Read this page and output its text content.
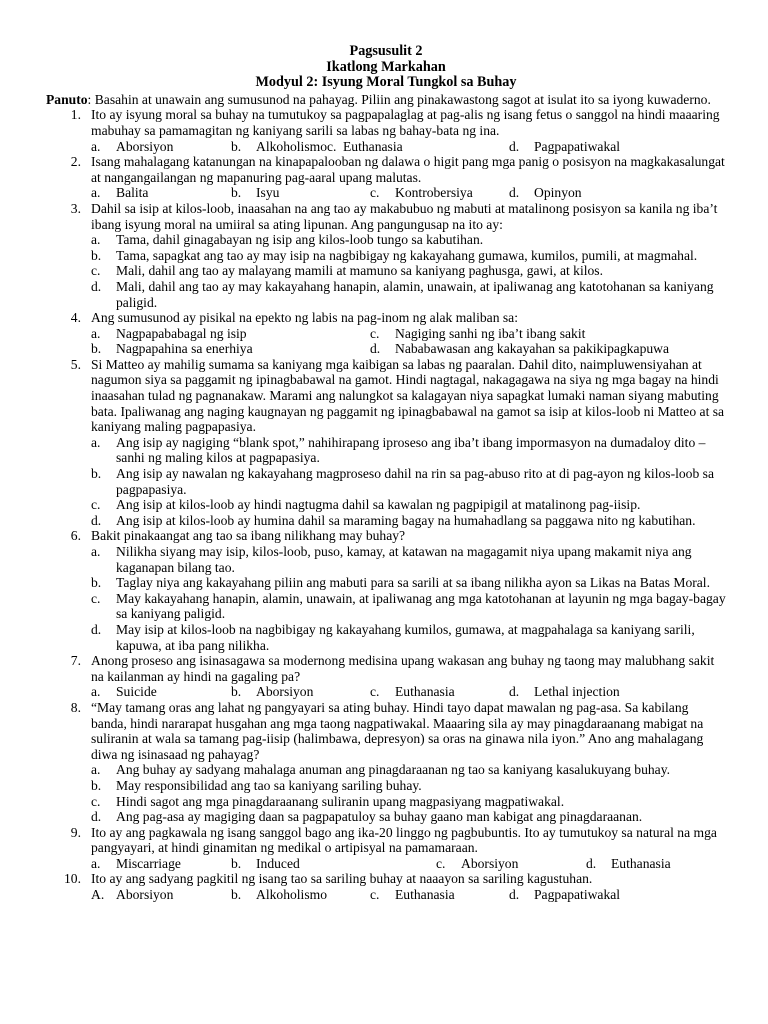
Pagsusulit 2
Ikatlong Markahan
Modyul 2: Isyung Moral Tungkol sa Buhay
Panuto: Basahin at unawain ang sumusunod na pahayag. Piliin ang pinakawastong sagot at isulat ito sa iyong kuwaderno.
1. Ito ay isyung moral sa buhay na tumutukoy sa pagpapalaglag at pag-alis ng isang fetus o sanggol na hindi maaaring mabuhay sa pamamagitan ng kaniyang sarili sa labas ng bahay-bata ng ina.
a.	Aborsiyon	b.	Alkoholismo c. Euthanasia	d.	Pagpapatiwakal
2. Isang mahalagang katanungan na kinapapalooban ng dalawa o higit pang mga panig o posisyon na magkakasalungat at nangangailangan ng mapanuring pag-aaral upang malutas.
a.	Balita	b.	Isyu	c.	Kontrobersiya	d.	Opinyon
3. Dahil sa isip at kilos-loob, inaasahan na ang tao ay makabubuo ng mabuti at matalinong posisyon sa kanila ng iba’t ibang isyung moral na umiiral sa ating lipunan. Ang pangungusap na ito ay:
a. Tama, dahil ginagabayan ng isip ang kilos-loob tungo sa kabutihan.
b. Tama, sapagkat ang tao ay may isip na nagbibigay ng kakayahang gumawa, kumilos, pumili, at magmahal.
c. Mali, dahil ang tao ay malayang mamili at mamuno sa kaniyang paghusga, gawi, at kilos.
d. Mali, dahil ang tao ay may kakayahang hanapin, alamin, unawain, at ipaliwanag ang katotohanan sa kaniyang paligid.
4. Ang sumusunod ay pisikal na epekto ng labis na pag-inom ng alak maliban sa:
a.	Nagpapababagal ng isip	c.	Nagiging sanhi ng iba’t ibang sakit
b.	Nagpapahina sa enerhiya	d.	Nababawasan ang kakayahan sa pakikipagkapuwa
5. Si Matteo ay mahilig sumama sa kaniyang mga kaibigan sa labas ng paaralan. Dahil dito, naimpluwensiyahan at nagumon siya sa paggamit ng ipinagbabawal na gamot. Hindi nagtagal, nakagagawa na siya ng mga bagay na hindi inaasahan tulad ng pagnanakaw. Marami ang nalungkot sa kalagayan niya sapagkat lumaki naman siyang mabuting bata. Ipaliwanag ang naging kaugnayan ng paggamit ng ipinagbabawal na gamot sa isip at kilos-loob ni Matteo at sa kaniyang maling pagpapasiya.
a. Ang isip ay nagiging “blank spot,” nahihirapang iproseso ang iba’t ibang impormasyon na dumadaloy dito – sanhi ng maling kilos at pagpapasiya.
b. Ang isip ay nawalan ng kakayahang magproseso dahil na rin sa pag-abuso rito at di pag-ayon ng kilos-loob sa pagpapasiya.
c. Ang isip at kilos-loob ay hindi nagtugma dahil sa kawalan ng pagpipigil at matalinong pag-iisip.
d. Ang isip at kilos-loob ay humina dahil sa maraming bagay na humahadlang sa paggawa nito ng kabutihan.
6. Bakit pinakaangat ang tao sa ibang nilikhang may buhay?
a. Nilikha siyang may isip, kilos-loob, puso, kamay, at katawan na magagamit niya upang makamit niya ang kaganapan bilang tao.
b. Taglay niya ang kakayahang piliin ang mabuti para sa sarili at sa ibang nilikha ayon sa Likas na Batas Moral.
c. May kakayahang hanapin, alamin, unawain, at ipaliwanag ang mga katotohanan at layunin ng mga bagay-bagay sa kaniyang paligid.
d. May isip at kilos-loob na nagbibigay ng kakayahang kumilos, gumawa, at magpahalaga sa kaniyang sarili, kapuwa, at iba pang nilikha.
7. Anong proseso ang isinasagawa sa modernong medisina upang wakasan ang buhay ng taong may malubhang sakit na kailanman ay hindi na gagaling pa?
a.	Suicide	b.	Aborsiyon	c.	Euthanasia	d.	Lethal injection
8. “May tamang oras ang lahat ng pangyayari sa ating buhay. Hindi tayo dapat mawalan ng pag-asa. Sa kabilang banda, hindi nararapat husgahan ang mga taong nagpatiwakal. Maaaring sila ay may pinagdaraanang mabigat na suliranin at wala sa tamang pag-iisip (halimbawa, depresyon) sa oras na ginawa nila iyon.” Ano ang mahalagang diwa ng isinasaad ng pahayag?
a. Ang buhay ay sadyang mahalaga anuman ang pinagdaraanan ng tao sa kaniyang kasalukuyang buhay.
b. May responsibilidad ang tao sa kaniyang sariling buhay.
c. Hindi sagot ang mga pinagdaraanang suliranin upang magpasiyang magpatiwakal.
d. Ang pag-asa ay magiging daan sa pagpapatuloy sa buhay gaano man kabigat ang pinagdaraanan.
9. Ito ay ang pagkawala ng isang sanggol bago ang ika-20 linggo ng pagbubuntis. Ito ay tumutukoy sa natural na mga pangyayari, at hindi ginamitan ng medikal o artipisyal na pamamaraan.
a.	Miscarriage	b.	Induced	c.	Aborsiyon	d.	Euthanasia
10. Ito ay ang sadyang pagkitil ng isang tao sa sariling buhay at naaayon sa sariling kagustuhan.
A. Aborsiyon	b.	Alkoholismo	c.	Euthanasia	d.	Pagpapatiwakal
